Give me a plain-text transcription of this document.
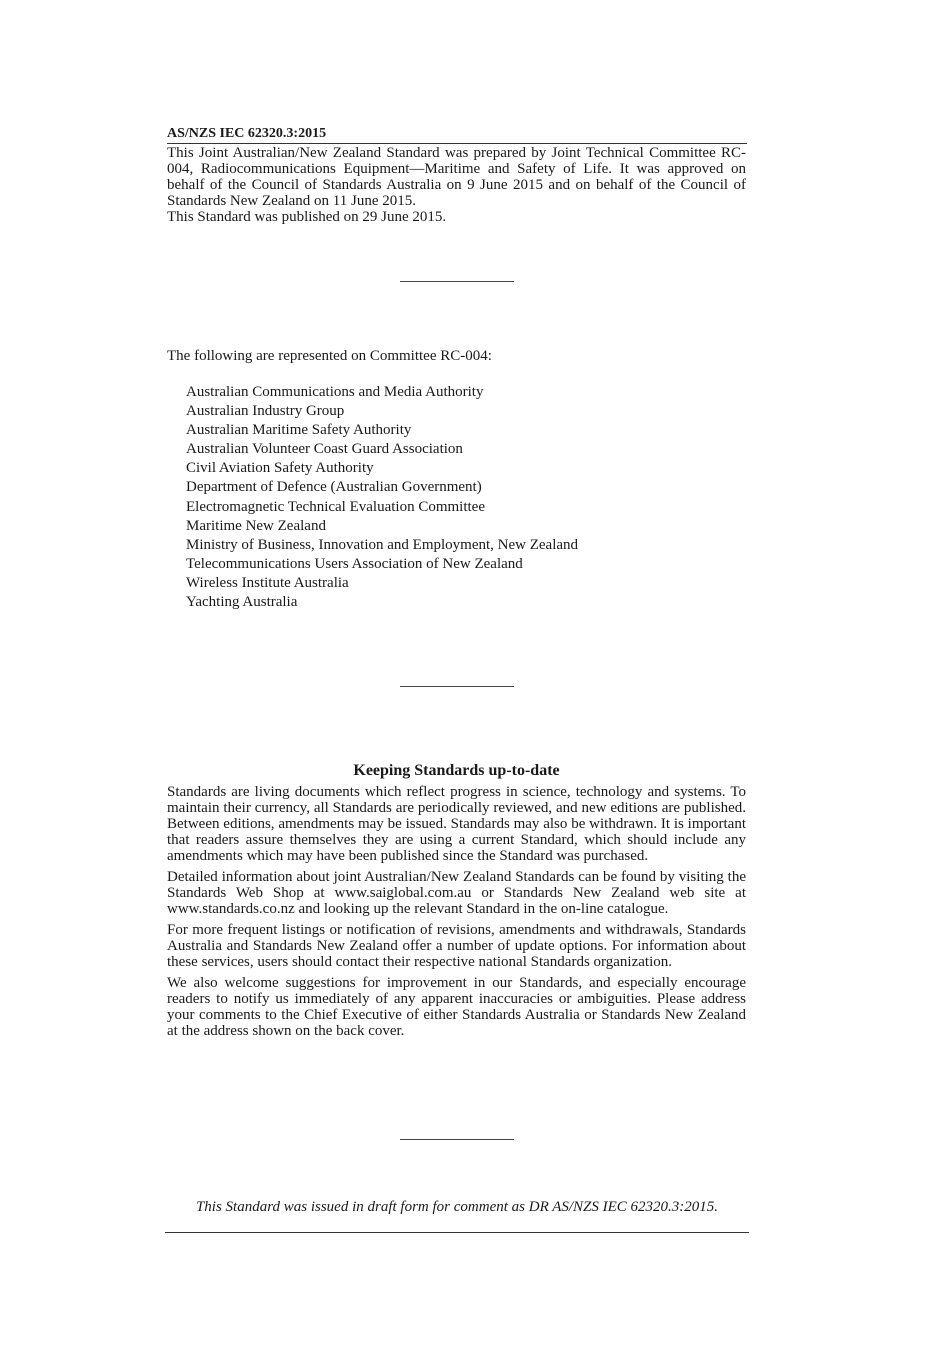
AS/NZS IEC 62320.3:2015

This Joint Australian/New Zealand Standard was prepared by Joint Technical Committee RC-004, Radiocommunications Equipment—Maritime and Safety of Life. It was approved on behalf of the Council of Standards Australia on 9 June 2015 and on behalf of the Council of Standards New Zealand on 11 June 2015.

This Standard was published on 29 June 2015.

The following are represented on Committee RC-004:
Australian Communications and Media Authority
Australian Industry Group
Australian Maritime Safety Authority
Australian Volunteer Coast Guard Association
Civil Aviation Safety Authority
Department of Defence (Australian Government)
Electromagnetic Technical Evaluation Committee
Maritime New Zealand
Ministry of Business, Innovation and Employment, New Zealand
Telecommunications Users Association of New Zealand
Wireless Institute Australia
Yachting Australia
Keeping Standards up-to-date

Standards are living documents which reflect progress in science, technology and systems. To maintain their currency, all Standards are periodically reviewed, and new editions are published. Between editions, amendments may be issued. Standards may also be withdrawn. It is important that readers assure themselves they are using a current Standard, which should include any amendments which may have been published since the Standard was purchased.

Detailed information about joint Australian/New Zealand Standards can be found by visiting the Standards Web Shop at www.saiglobal.com.au or Standards New Zealand web site at www.standards.co.nz and looking up the relevant Standard in the on-line catalogue.

For more frequent listings or notification of revisions, amendments and withdrawals, Standards Australia and Standards New Zealand offer a number of update options. For information about these services, users should contact their respective national Standards organization.

We also welcome suggestions for improvement in our Standards, and especially encourage readers to notify us immediately of any apparent inaccuracies or ambiguities. Please address your comments to the Chief Executive of either Standards Australia or Standards New Zealand at the address shown on the back cover.

This Standard was issued in draft form for comment as DR AS/NZS IEC 62320.3:2015.
